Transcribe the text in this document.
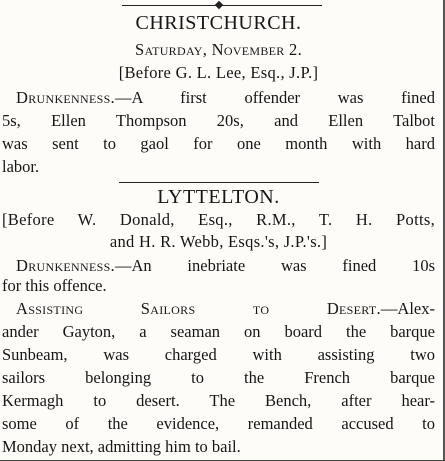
CHRISTCHURCH.
Saturday, November 2.
[Before G. L. Lee, Esq., J.P.]
Drunkenness.—A first offender was fined
5s, Ellen Thompson 20s, and Ellen Talbot
was sent to gaol for one month with hard
labor.
LYTTELTON.
[Before W. Donald, Esq., R.M., T. H. Potts,
and H. R. Webb, Esqs.'s, J.P.'s.]
Drunkenness.—An inebriate was fined 10s
for this offence.
Assisting Sailors to Desert.—Alex-
ander Gayton, a seaman on board the barque
Sunbeam, was charged with assisting two
sailors belonging to the French barque
Kermagh to desert. The Bench, after hear-
some of the evidence, remanded accused to
Monday next, admitting him to bail.
